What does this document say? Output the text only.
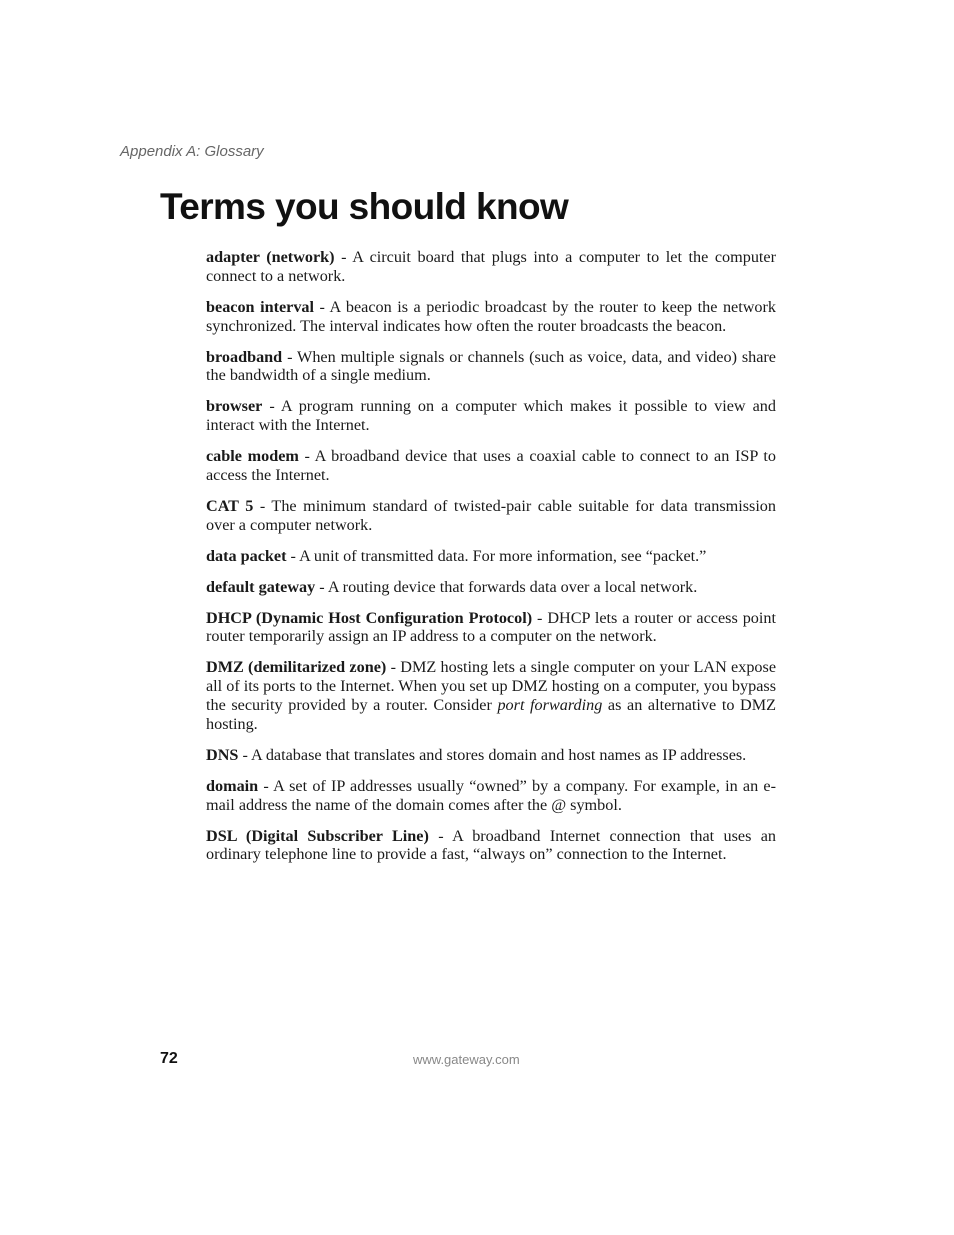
Appendix A: Glossary

Terms you should know

adapter (network) - A circuit board that plugs into a computer to let the computer connect to a network.

beacon interval - A beacon is a periodic broadcast by the router to keep the network synchronized. The interval indicates how often the router broadcasts the beacon.

broadband - When multiple signals or channels (such as voice, data, and video) share the bandwidth of a single medium.

browser - A program running on a computer which makes it possible to view and interact with the Internet.

cable modem - A broadband device that uses a coaxial cable to connect to an ISP to access the Internet.

CAT 5 - The minimum standard of twisted-pair cable suitable for data transmission over a computer network.

data packet - A unit of transmitted data. For more information, see “packet.”

default gateway - A routing device that forwards data over a local network.

DHCP (Dynamic Host Configuration Protocol) - DHCP lets a router or access point router temporarily assign an IP address to a computer on the network.

DMZ (demilitarized zone) - DMZ hosting lets a single computer on your LAN expose all of its ports to the Internet. When you set up DMZ hosting on a computer, you bypass the security provided by a router. Consider port forwarding as an alternative to DMZ hosting.

DNS - A database that translates and stores domain and host names as IP addresses.

domain - A set of IP addresses usually “owned” by a company. For example, in an e-mail address the name of the domain comes after the @ symbol.

DSL (Digital Subscriber Line) - A broadband Internet connection that uses an ordinary telephone line to provide a fast, “always on” connection to the Internet.

72	www.gateway.com
